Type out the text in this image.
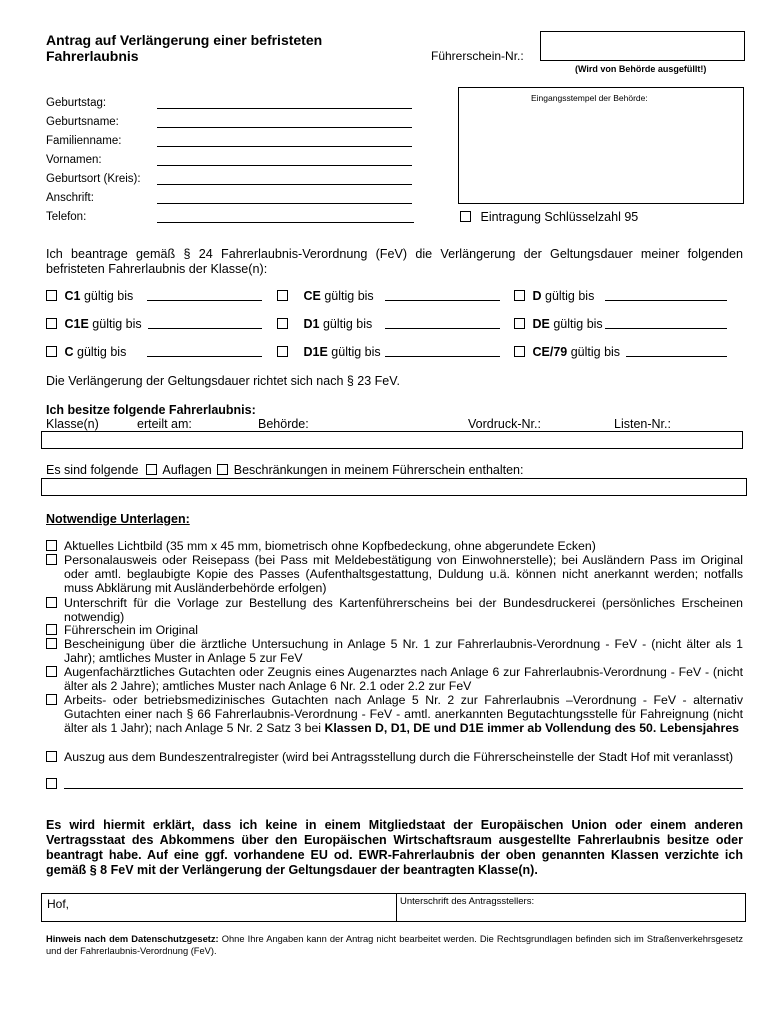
Antrag auf Verlängerung einer befristeten
Fahrerlaubnis	Führerschein-Nr.:
(Wird von Behörde ausgefüllt!)
Eingangsstempel der Behörde:
Geburtstag:
Geburtsname:
Familienname:
Vornamen:
Geburtsort (Kreis):
Anschrift:
Telefon:	Eintragung Schlüsselzahl 95
Ich beantrage gemäß § 24 Fahrerlaubnis-Verordnung (FeV) die Verlängerung der Geltungsdauer meiner folgenden befristeten Fahrerlaubnis der Klasse(n):
C1 gültig bis	CE gültig bis	D gültig bis
C1E gültig bis	D1 gültig bis	DE gültig bis
C gültig bis	D1E gültig bis	CE/79 gültig bis
Die Verlängerung der Geltungsdauer richtet sich nach § 23 FeV.
Ich besitze folgende Fahrerlaubnis:
Klasse(n)	erteilt am:	Behörde:	Vordruck-Nr.:	Listen-Nr.:
Es sind folgende Auflagen Beschränkungen in meinem Führerschein enthalten:
Notwendige Unterlagen:
Aktuelles Lichtbild (35 mm x 45 mm, biometrisch ohne Kopfbedeckung, ohne abgerundete Ecken)
Personalausweis oder Reisepass (bei Pass mit Meldebestätigung von Einwohnerstelle); bei Ausländern Pass im Original oder amtl. beglaubigte Kopie des Passes (Aufenthaltsgestattung, Duldung u.ä. können nicht anerkannt werden; notfalls muss Abklärung mit Ausländerbehörde erfolgen)
Unterschrift für die Vorlage zur Bestellung des Kartenführerscheins bei der Bundesdruckerei (persönliches Erscheinen notwendig)
Führerschein im Original
Bescheinigung über die ärztliche Untersuchung in Anlage 5 Nr. 1 zur Fahrerlaubnis-Verordnung - FeV - (nicht älter als 1 Jahr); amtliches Muster in Anlage 5 zur FeV
Augenfachärztliches Gutachten oder Zeugnis eines Augenarztes nach Anlage 6 zur Fahrerlaubnis-Verordnung - FeV - (nicht älter als 2 Jahre); amtliches Muster nach Anlage 6 Nr. 2.1 oder 2.2 zur FeV
Arbeits- oder betriebsmedizinisches Gutachten nach Anlage 5 Nr. 2 zur Fahrerlaubnis –Verordnung - FeV - alternativ Gutachten einer nach § 66 Fahrerlaubnis-Verordnung - FeV - amtl. anerkannten Begutachtungsstelle für Fahreignung (nicht älter als 1 Jahr); nach Anlage 5 Nr. 2 Satz 3 bei Klassen D, D1, DE und D1E immer ab Vollendung des 50. Lebensjahres
Auszug aus dem Bundeszentralregister (wird bei Antragsstellung durch die Führerscheinstelle der Stadt Hof mit veranlasst)
Es wird hiermit erklärt, dass ich keine in einem Mitgliedstaat der Europäischen Union oder einem anderen Vertragsstaat des Abkommens über den Europäischen Wirtschaftsraum ausgestellte Fahrerlaubnis besitze oder beantragt habe. Auf eine ggf. vorhandene EU od. EWR-Fahrerlaubnis der oben genannten Klassen verzichte ich gemäß § 8 FeV mit der Verlängerung der Geltungsdauer der beantragten Klasse(n).
Hof,	Unterschrift des Antragsstellers:
Hinweis nach dem Datenschutzgesetz: Ohne Ihre Angaben kann der Antrag nicht bearbeitet werden. Die Rechtsgrundlagen befinden sich im Straßenverkehrsgesetz und der Fahrerlaubnis-Verordnung (FeV).
